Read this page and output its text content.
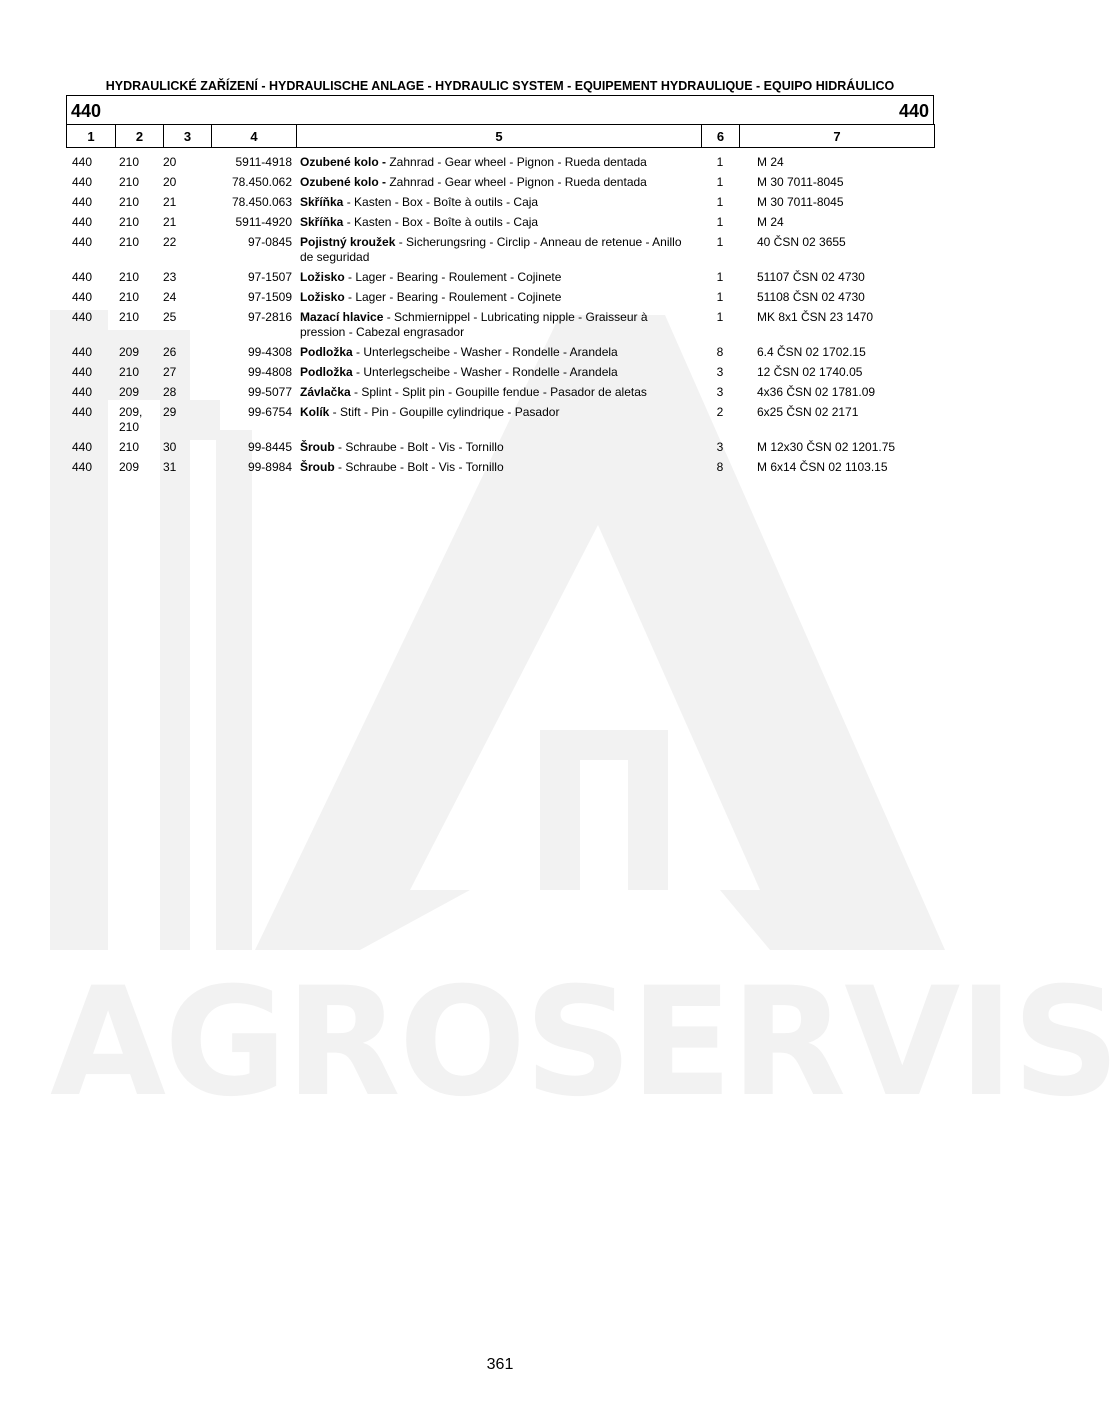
AGROSERVIS
HYDRAULICKÉ ZAŘÍZENÍ - HYDRAULISCHE ANLAGE - HYDRAULIC SYSTEM - EQUIPEMENT HYDRAULIQUE - EQUIPO HIDRÁULICO
440	440
1	2	3	4	5	6	7
440	210	20	5911-4918	Ozubené kolo - Zahnrad - Gear wheel - Pignon - Rueda dentada	1	M 24
440	210	20	78.450.062	Ozubené kolo - Zahnrad - Gear wheel - Pignon - Rueda dentada	1	M 30 7011-8045
440	210	21	78.450.063	Skříňka - Kasten - Box - Boîte à outils - Caja	1	M 30 7011-8045
440	210	21	5911-4920	Skříňka - Kasten - Box - Boîte à outils - Caja	1	M 24
440	210	22	97-0845	Pojistný kroužek - Sicherungsring - Circlip - Anneau de retenue - Anillo de seguridad	1	40 ČSN 02 3655
440	210	23	97-1507	Ložisko - Lager - Bearing - Roulement - Cojinete	1	51107 ČSN 02 4730
440	210	24	97-1509	Ložisko - Lager - Bearing - Roulement - Cojinete	1	51108 ČSN 02 4730
440	210	25	97-2816	Mazací hlavice - Schmiernippel - Lubricating nipple - Graisseur à pression - Cabezal engrasador	1	MK 8x1 ČSN 23 1470
440	209	26	99-4308	Podložka - Unterlegscheibe - Washer - Rondelle - Arandela	8	6.4 ČSN 02 1702.15
440	210	27	99-4808	Podložka - Unterlegscheibe - Washer - Rondelle - Arandela	3	12 ČSN 02 1740.05
440	209	28	99-5077	Závlačka - Splint - Split pin - Goupille fendue - Pasador de aletas	3	4x36 ČSN 02 1781.09
440	209, 210	29	99-6754	Kolík - Stift - Pin - Goupille cylindrique - Pasador	2	6x25 ČSN 02 2171
440	210	30	99-8445	Šroub - Schraube - Bolt - Vis - Tornillo	3	M 12x30 ČSN 02 1201.75
440	209	31	99-8984	Šroub - Schraube - Bolt - Vis - Tornillo	8	M 6x14 ČSN 02 1103.15
361
